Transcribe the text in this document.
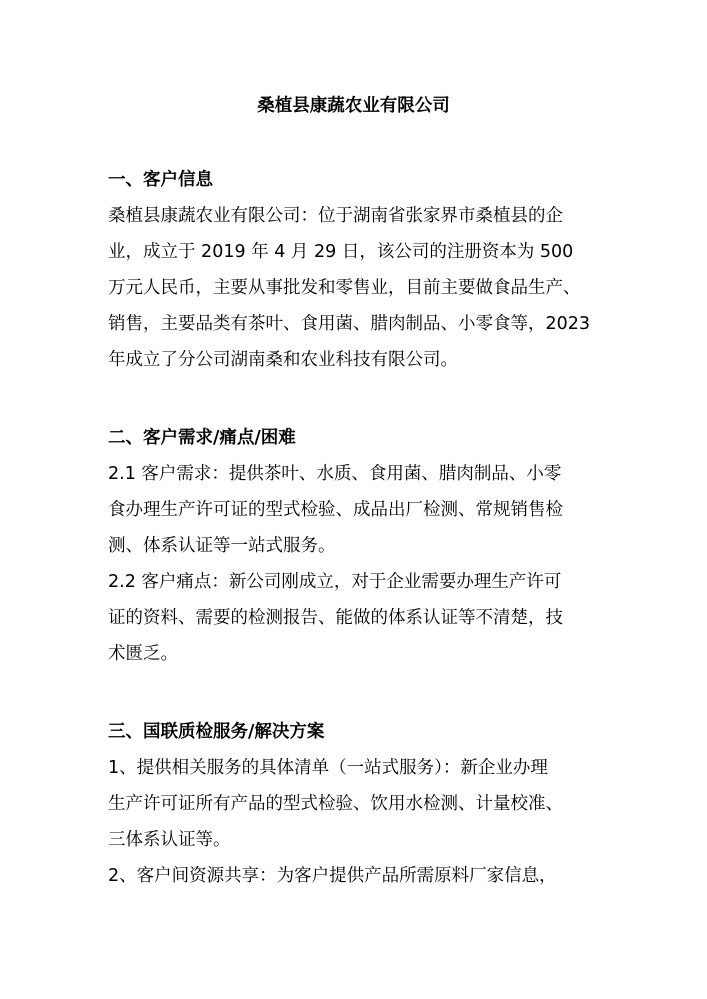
桑植县康蔬农业有限公司
一、客户信息
桑植县康蔬农业有限公司：位于湖南省张家界市桑植县的企
业，成立于 2019 年 4 月 29 日，该公司的注册资本为 500
万元人民币，主要从事批发和零售业，目前主要做食品生产、
销售，主要品类有茶叶、食用菌、腊肉制品、小零食等，2023
年成立了分公司湖南桑和农业科技有限公司。
二、客户需求/痛点/困难
2.1 客户需求：提供茶叶、水质、食用菌、腊肉制品、小零
食办理生产许可证的型式检验、成品出厂检测、常规销售检
测、体系认证等一站式服务。
2.2 客户痛点：新公司刚成立，对于企业需要办理生产许可
证的资料、需要的检测报告、能做的体系认证等不清楚，技
术匮乏。
三、国联质检服务/解决方案
1、提供相关服务的具体清单（一站式服务）：新企业办理
生产许可证所有产品的型式检验、饮用水检测、计量校准、
三体系认证等。
2、客户间资源共享：为客户提供产品所需原料厂家信息，
